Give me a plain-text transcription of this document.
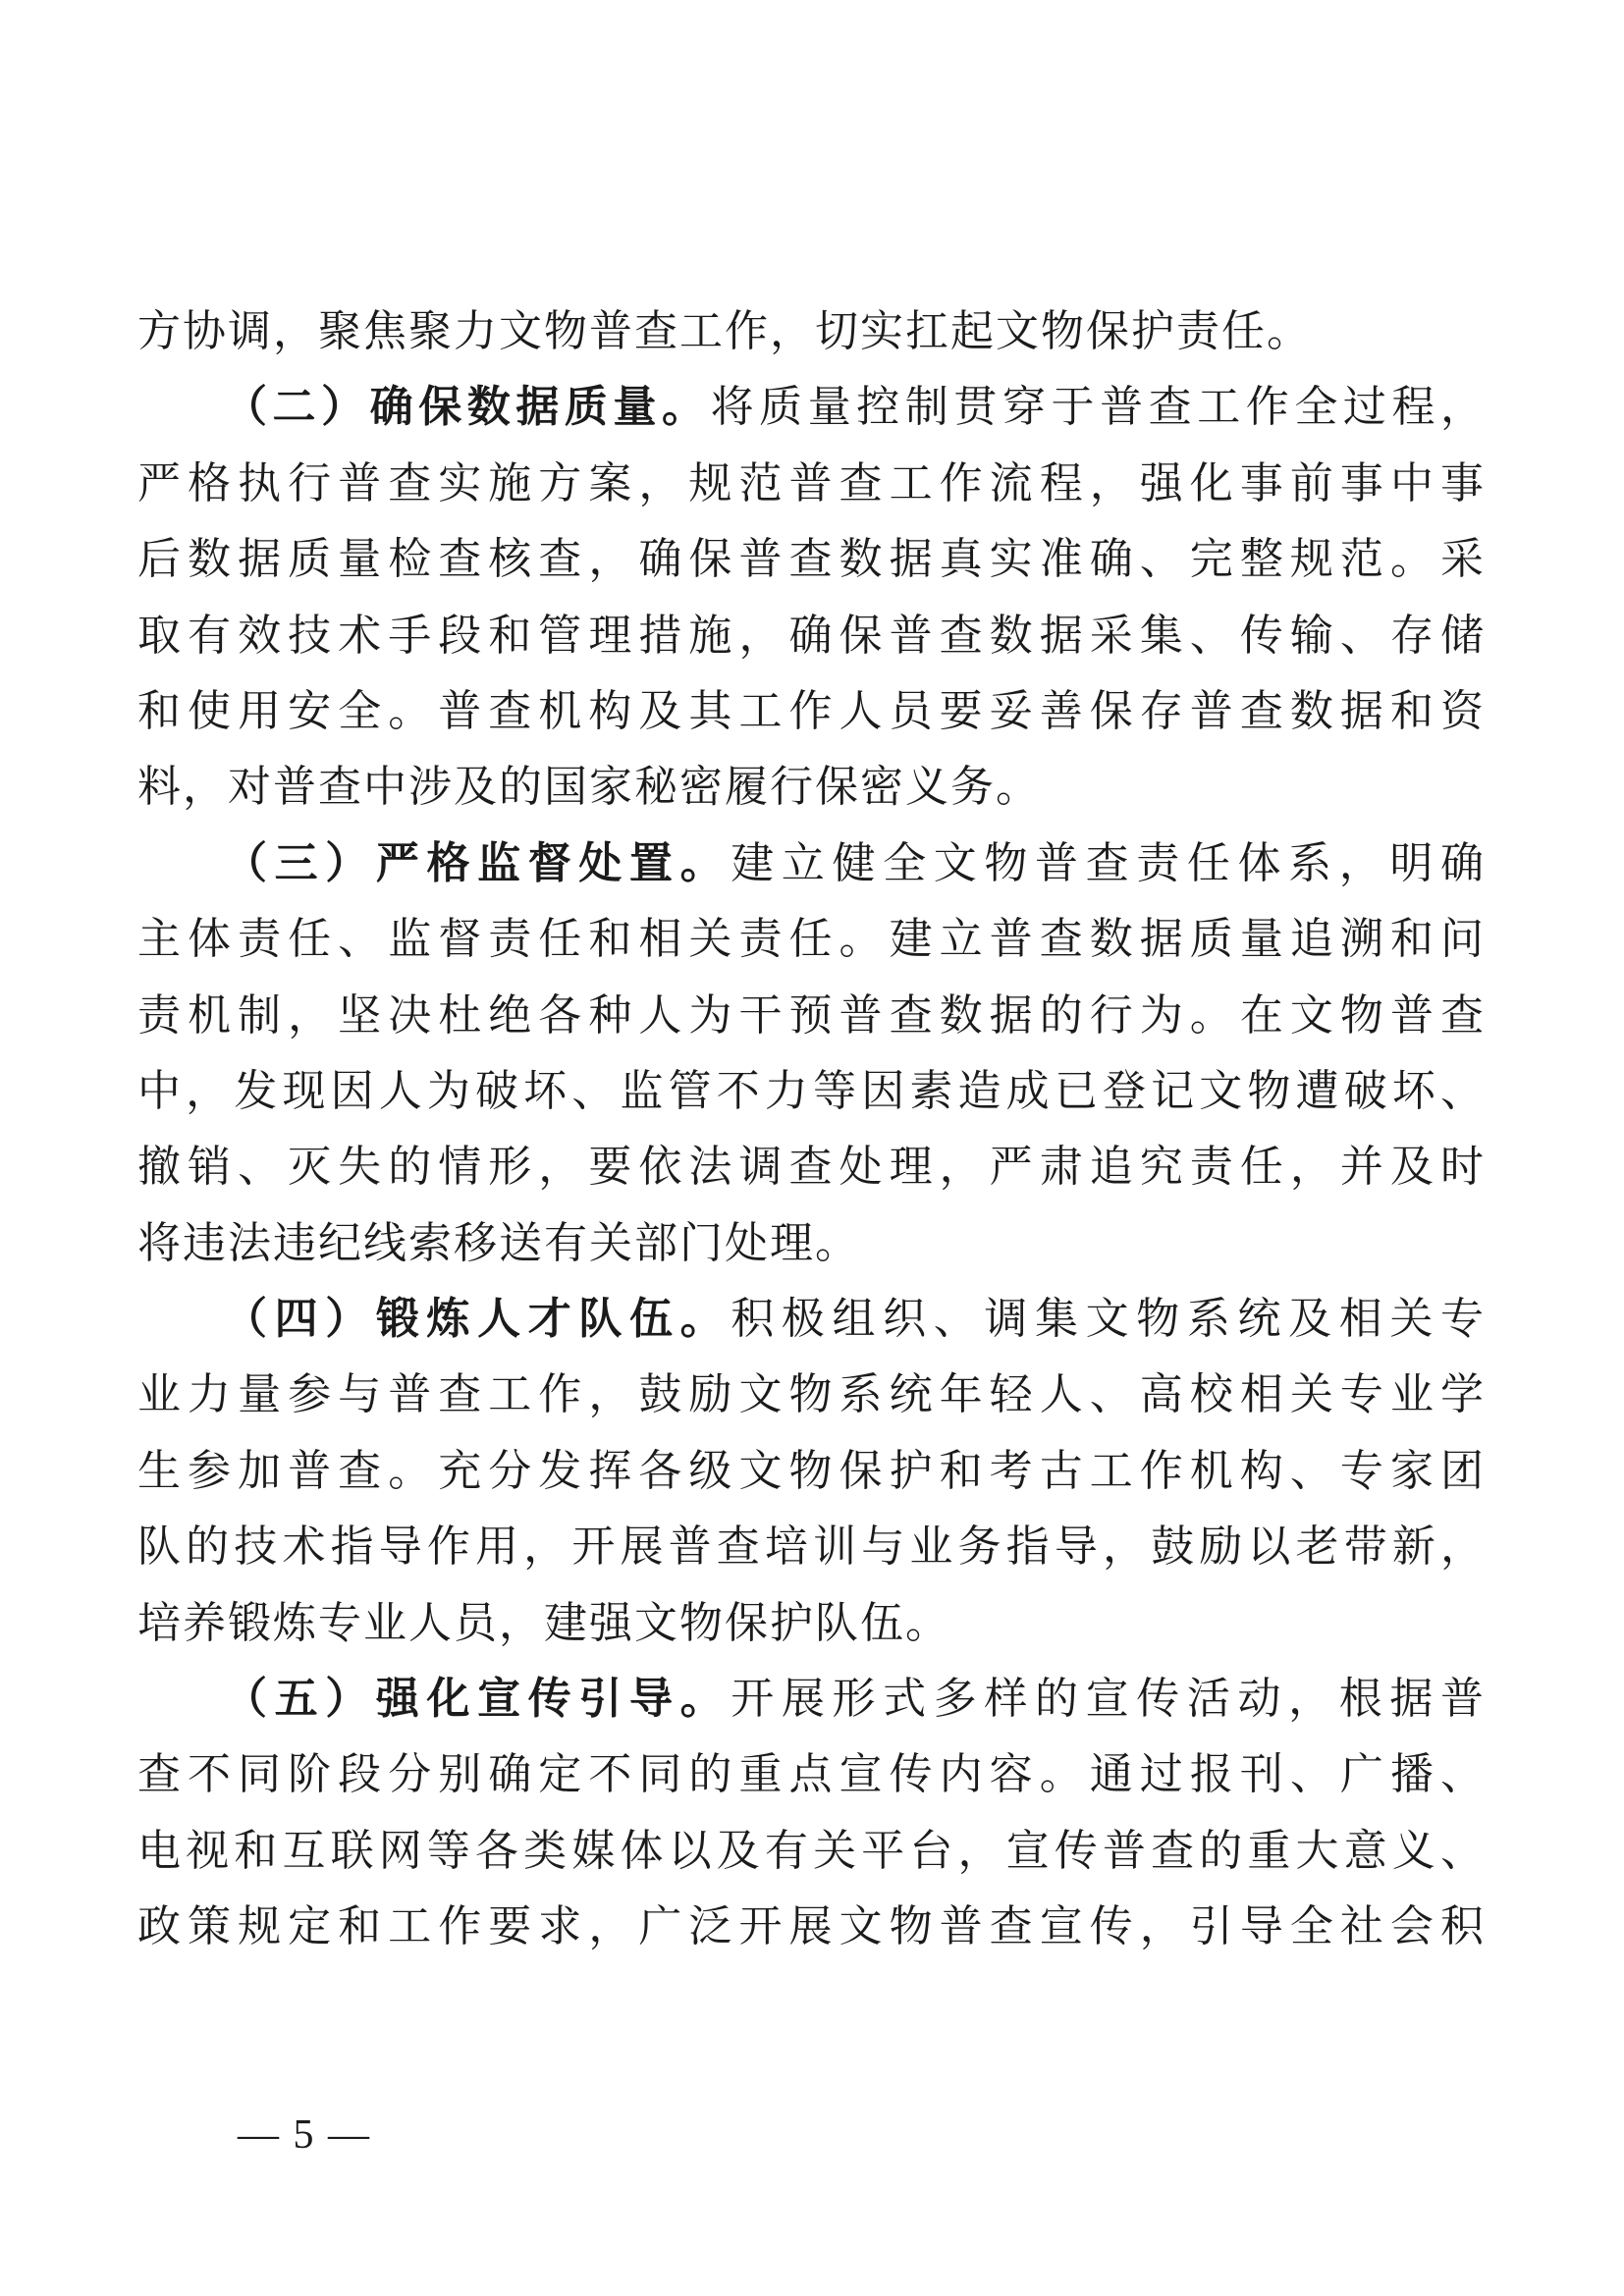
方协调，聚焦聚力文物普查工作，切实扛起文物保护责任。
（二）确保数据质量。将质量控制贯穿于普查工作全过程，
严格执行普查实施方案，规范普查工作流程，强化事前事中事
后数据质量检查核查，确保普查数据真实准确、完整规范。采
取有效技术手段和管理措施，确保普查数据采集、传输、存储
和使用安全。普查机构及其工作人员要妥善保存普查数据和资
料，对普查中涉及的国家秘密履行保密义务。
（三）严格监督处置。建立健全文物普查责任体系，明确
主体责任、监督责任和相关责任。建立普查数据质量追溯和问
责机制，坚决杜绝各种人为干预普查数据的行为。在文物普查
中，发现因人为破坏、监管不力等因素造成已登记文物遭破坏、
撤销、灭失的情形，要依法调查处理，严肃追究责任，并及时
将违法违纪线索移送有关部门处理。
（四）锻炼人才队伍。积极组织、调集文物系统及相关专
业力量参与普查工作，鼓励文物系统年轻人、高校相关专业学
生参加普查。充分发挥各级文物保护和考古工作机构、专家团
队的技术指导作用，开展普查培训与业务指导，鼓励以老带新，
培养锻炼专业人员，建强文物保护队伍。
（五）强化宣传引导。开展形式多样的宣传活动，根据普
查不同阶段分别确定不同的重点宣传内容。通过报刊、广播、
电视和互联网等各类媒体以及有关平台，宣传普查的重大意义、
政策规定和工作要求，广泛开展文物普查宣传，引导全社会积
— 5 —
